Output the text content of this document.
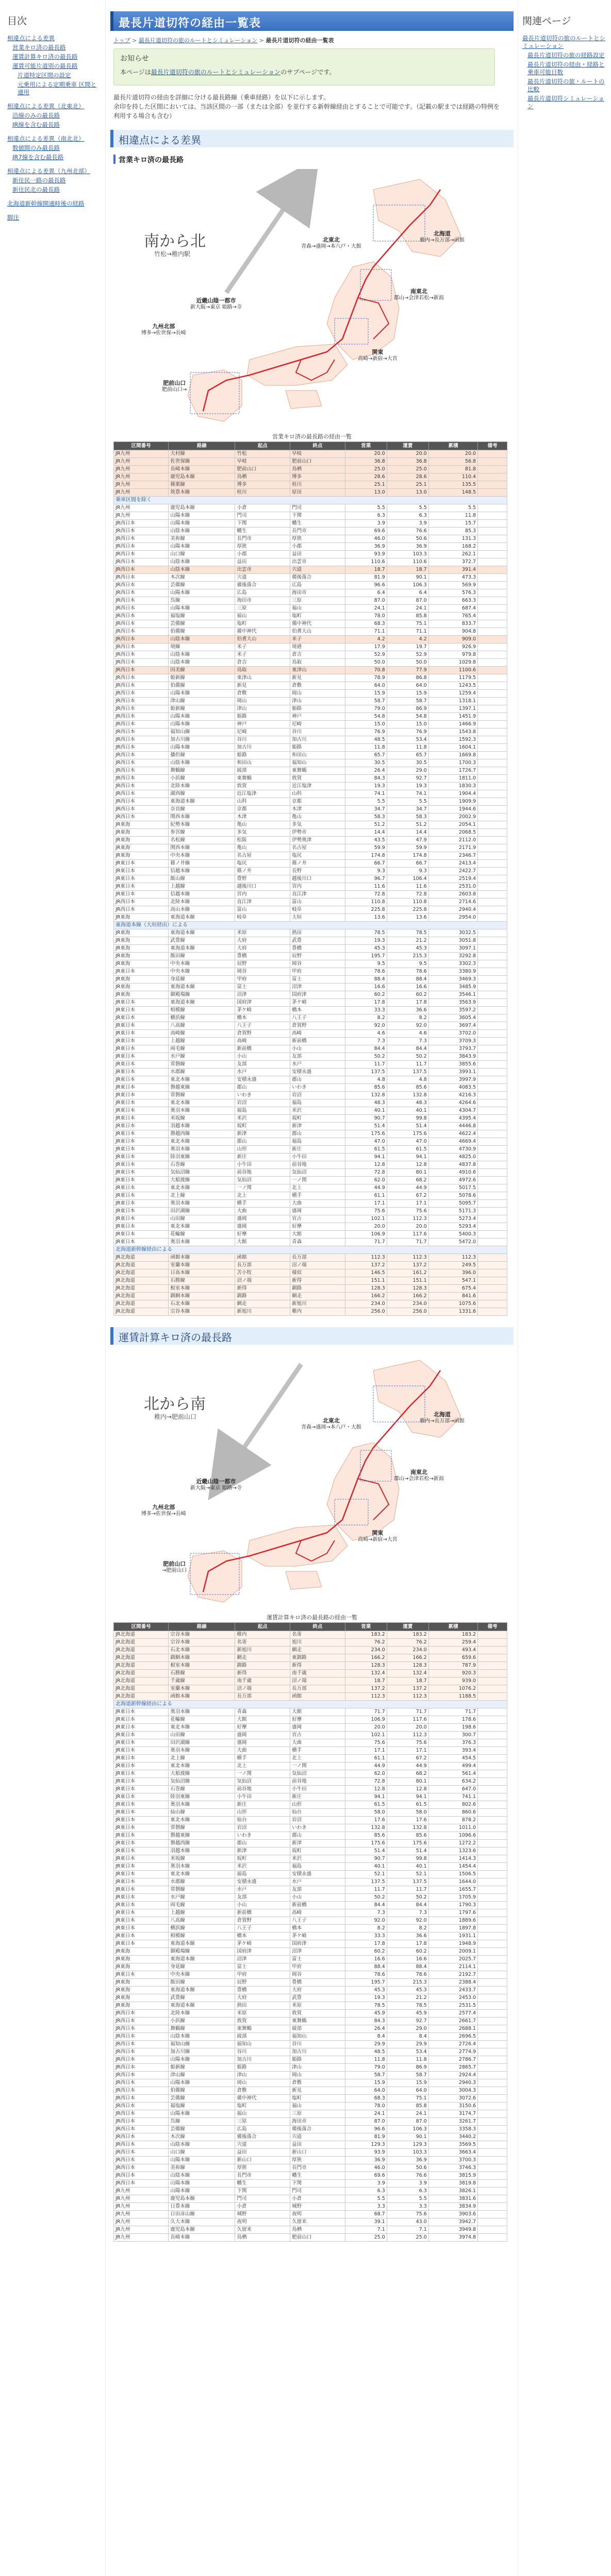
目次
相違点による差異
営業キロ済の最長路
運賃計算キロ済の最長路
運賃可能片道別の最長路
片道特定区間の設定
元乗用による定期乗車 区間と適用
相違点による差異（北東北）
沿線のみの最長路
JR線を含む最長路
相違点による差異（南北北）
数値間のみ最長路
JR7線を含む最長路
相違点による差異（九州北部）
新住民一路の最長路
新住民北の最長路
北海道新幹線開通時後の経路
脚注
関連ページ
最長片道切符の旅のルートとシミュレーション
最長片道切符の旅の経路設定
最長片道切符の経由・経路と乗車可能日数
最長片道切符の旅・ルートの比較
最長片道切符シミュレーション
最長片道切符の経由一覧表
トップ > 最長片道切符の旅のルートとシミュレーション > 最長片道切符の経由一覧表
お知らせ
本ページは最長片道切符の旅のルートとシミュレーションのサブページです。

最長片道切符の経由を詳細に分ける最長路線（乗車経路）を以下に示します。
余印を持した区間においては、当該区間の一部（または全部）を並行する新幹線経由とすることで可能です。（記載の駅までは経路の特例を利用する場合も含む）

相違点による差異
営業キロ済の最長路
南から北
竹松→稚内駅
北海道
稚内→長万部→函館
北東北
青森→盛岡→本八戸・大館
南東北
郡山→会津若松→新潟
関東
高崎→新宿→大宮
近畿山陰一都市
新大阪→東京 姫路→寺
九州北部
博多→佐世保→長崎
肥前山口
肥前山口→
営業キロ済の最長路の経由一覧
区間番号	路線	起点	終点	営業	運賃	累積	備考
JR九州	大村線	竹松	早岐	20.0	20.0	20.0	
JR九州	佐世保線	早岐	肥前山口	36.8	36.8	56.8	
JR九州	長崎本線	肥前山口	鳥栖	25.0	25.0	81.8	
JR九州	鹿児島本線	鳥栖	博多	28.6	28.6	110.4	
JR九州	篠栗線	博多	桂川	25.1	25.1	135.5	
JR九州	筑豊本線	桂川	原田	13.0	13.0	148.5	
乗車区間を除く							
JR九州	鹿児島本線	小倉	門司	5.5	5.5	5.5	
JR九州	山陽本線	門司	下関	6.3	6.3	11.8	
JR西日本	山陽本線	下関	幡生	3.9	3.9	15.7	
JR西日本	山陰本線	幡生	長門市	69.6	76.6	85.3	
JR西日本	美祢線	長門市	厚狭	46.0	50.6	131.3	
JR西日本	山陽本線	厚狭	小郡	36.9	36.9	168.2	
JR西日本	山口線	小郡	益田	93.9	103.3	262.1	
JR西日本	山陰本線	益田	出雲市	110.6	110.6	372.7	
JR西日本	山陰本線	出雲市	宍道	18.7	18.7	391.4	
JR西日本	木次線	宍道	備後落合	81.9	90.1	473.3	
JR西日本	芸備線	備後落合	広島	96.6	106.3	569.9	
JR西日本	山陽本線	広島	海田市	6.4	6.4	576.3	
JR西日本	呉線	海田市	三原	87.0	87.0	663.3	
JR西日本	山陽本線	三原	福山	24.1	24.1	687.4	
JR西日本	福塩線	福山	塩町	78.0	85.8	765.4	
JR西日本	芸備線	塩町	備中神代	68.3	75.1	833.7	
JR西日本	伯備線	備中神代	伯耆大山	71.1	71.1	904.8	
JR西日本	山陰本線	伯耆大山	米子	4.2	4.2	909.0	
JR西日本	境線	米子	境港	17.9	19.7	926.9	
JR西日本	山陰本線	米子	倉吉	52.9	52.9	979.8	
JR西日本	山陰本線	倉吉	鳥取	50.0	50.0	1029.8	
JR西日本	因美線	鳥取	東津山	70.8	77.9	1100.6	
JR西日本	姫新線	東津山	新見	78.9	86.8	1179.5	
JR西日本	伯備線	新見	倉敷	64.0	64.0	1243.5	
JR西日本	山陽本線	倉敷	岡山	15.9	15.9	1259.4	
JR西日本	津山線	岡山	津山	58.7	58.7	1318.1	
JR西日本	姫新線	津山	姫路	79.0	86.9	1397.1	
JR西日本	山陽本線	姫路	神戸	54.8	54.8	1451.9	
JR西日本	山陽本線	神戸	尼崎	15.0	15.0	1466.9	
JR西日本	福知山線	尼崎	谷川	76.9	76.9	1543.8	
JR西日本	加古川線	谷川	加古川	48.5	53.4	1592.3	
JR西日本	山陽本線	加古川	姫路	11.8	11.8	1604.1	
JR西日本	播但線	姫路	和田山	65.7	65.7	1669.8	
JR西日本	山陰本線	和田山	福知山	30.5	30.5	1700.3	
JR西日本	舞鶴線	綾部	東舞鶴	26.4	29.0	1726.7	
JR西日本	小浜線	東舞鶴	敦賀	84.3	92.7	1811.0	
JR西日本	北陸本線	敦賀	近江塩津	19.3	19.3	1830.3	
JR西日本	湖西線	近江塩津	山科	74.1	74.1	1904.4	
JR西日本	東海道本線	山科	京都	5.5	5.5	1909.9	
JR西日本	奈良線	京都	木津	34.7	34.7	1944.6	
JR西日本	関西本線	木津	亀山	58.3	58.3	2002.9	
JR東海	紀勢本線	亀山	多気	51.2	51.2	2054.1	
JR東海	参宮線	多気	伊勢市	14.4	14.4	2068.5	
JR東海	名松線	松阪	伊勢奥津	43.5	47.9	2112.0	
JR東海	関西本線	亀山	名古屋	59.9	59.9	2171.9	
JR東海	中央本線	名古屋	塩尻	174.8	174.8	2346.7	
JR東日本	篠ノ井線	塩尻	篠ノ井	66.7	66.7	2413.4	
JR東日本	信越本線	篠ノ井	長野	9.3	9.3	2422.7	
JR東日本	飯山線	豊野	越後川口	96.7	106.4	2519.4	
JR東日本	上越線	越後川口	宮内	11.6	11.6	2531.0	
JR東日本	信越本線	宮内	直江津	72.8	72.8	2603.8	
JR西日本	北陸本線	直江津	富山	110.8	110.8	2714.6	
JR西日本	高山本線	富山	岐阜	225.8	225.8	2940.4	
JR東海	東海道本線	岐阜	大垣	13.6	13.6	2954.0	
東海道本線（大垣経由）による							
JR東海	東海道本線	米原	熱田	78.5	78.5	3032.5	
JR東海	武豊線	大府	武豊	19.3	21.2	3051.8	
JR東海	東海道本線	大府	豊橋	45.3	45.3	3097.1	
JR東海	飯田線	豊橋	辰野	195.7	215.3	3292.8	
JR東海	中央本線	辰野	岡谷	9.5	9.5	3302.3	
JR東日本	中央本線	岡谷	甲府	78.6	78.6	3380.9	
JR東海	身延線	甲府	富士	88.4	88.4	3469.3	
JR東海	東海道本線	富士	沼津	16.6	16.6	3485.9	
JR東海	御殿場線	沼津	国府津	60.2	60.2	3546.1	
JR東日本	東海道本線	国府津	茅ケ崎	17.8	17.8	3563.9	
JR東日本	相模線	茅ケ崎	橋本	33.3	36.6	3597.2	
JR東日本	横浜線	橋本	八王子	8.2	8.2	3605.4	
JR東日本	八高線	八王子	倉賀野	92.0	92.0	3697.4	
JR東日本	高崎線	倉賀野	高崎	4.6	4.6	3702.0	
JR東日本	上越線	高崎	新前橋	7.3	7.3	3709.3	
JR東日本	両毛線	新前橋	小山	84.4	84.4	3793.7	
JR東日本	水戸線	小山	友部	50.2	50.2	3843.9	
JR東日本	常磐線	友部	水戸	11.7	11.7	3855.6	
JR東日本	水郡線	水戸	安積永盛	137.5	137.5	3993.1	
JR東日本	東北本線	安積永盛	郡山	4.8	4.8	3997.9	
JR東日本	磐越東線	郡山	いわき	85.6	85.6	4083.5	
JR東日本	常磐線	いわき	岩沼	132.8	132.8	4216.3	
JR東日本	東北本線	岩沼	福島	48.3	48.3	4264.6	
JR東日本	奥羽本線	福島	米沢	40.1	40.1	4304.7	
JR東日本	米坂線	米沢	坂町	90.7	99.8	4395.4	
JR東日本	羽越本線	坂町	新津	51.4	51.4	4446.8	
JR東日本	磐越西線	新津	郡山	175.6	175.6	4622.4	
JR東日本	東北本線	郡山	福島	47.0	47.0	4669.4	
JR東日本	奥羽本線	山形	新庄	61.5	61.5	4730.9	
JR東日本	陸羽東線	新庄	小牛田	94.1	94.1	4825.0	
JR東日本	石巻線	小牛田	前谷地	12.8	12.8	4837.8	
JR東日本	気仙沼線	前谷地	気仙沼	72.8	80.1	4910.6	
JR東日本	大船渡線	気仙沼	一ノ関	62.0	68.2	4972.6	
JR東日本	東北本線	一ノ関	北上	44.9	44.9	5017.5	
JR東日本	北上線	北上	横手	61.1	67.2	5078.6	
JR東日本	奥羽本線	横手	大曲	17.1	17.1	5095.7	
JR東日本	田沢湖線	大曲	盛岡	75.6	75.6	5171.3	
JR東日本	山田線	盛岡	宮古	102.1	112.3	5273.4	
JR東日本	東北本線	盛岡	好摩	20.0	20.0	5293.4	
JR東日本	花輪線	好摩	大館	106.9	117.6	5400.3	
JR東日本	奥羽本線	大館	青森	71.7	71.7	5472.0	
北海道新幹線経由による							
JR北海道	函館本線	函館	長万部	112.3	112.3	112.3	
JR北海道	室蘭本線	長万部	沼ノ端	137.2	137.2	249.5	
JR北海道	日高本線	苫小牧	様似	146.5	161.2	396.0	
JR北海道	石勝線	沼ノ端	新得	151.1	151.1	547.1	
JR北海道	根室本線	新得	釧路	128.3	128.3	675.4	
JR北海道	釧網本線	釧路	網走	166.2	166.2	841.6	
JR北海道	石北本線	網走	新旭川	234.0	234.0	1075.6	
JR北海道	宗谷本線	新旭川	稚内	256.0	256.0	1331.6	
運賃計算キロ済の最長路
北から南
稚内→肥前山口	北海道
稚内→長万部→函館
北東北
青森→盛岡→本八戸・大館
南東北
郡山→会津若松→新潟
関東
高崎→新宿→大宮
近畿山陰一都市
新大阪→東京 姫路→寺
九州北部
博多→佐世保→長崎
肥前山口
→肥前山口
運賃計算キロ済の最長路の経由一覧
区間番号	路線	起点	終点	営業	運賃	累積	備考
JR北海道	宗谷本線	稚内	名寄	183.2	183.2	183.2	
JR北海道	宗谷本線	名寄	旭川	76.2	76.2	259.4	
JR北海道	石北本線	新旭川	網走	234.0	234.0	493.4	
JR北海道	釧網本線	網走	東釧路	166.2	166.2	659.6	
JR北海道	根室本線	釧路	新得	128.3	128.3	787.9	
JR北海道	石勝線	新得	南千歳	132.4	132.4	920.3	
JR北海道	千歳線	南千歳	沼ノ端	18.7	18.7	939.0	
JR北海道	室蘭本線	沼ノ端	長万部	137.2	137.2	1076.2	
JR北海道	函館本線	長万部	函館	112.3	112.3	1188.5	
北海道新幹線経由による							
JR東日本	奥羽本線	青森	大館	71.7	71.7	71.7	
JR東日本	花輪線	大館	好摩	106.9	117.6	178.6	
JR東日本	東北本線	好摩	盛岡	20.0	20.0	198.6	
JR東日本	山田線	盛岡	宮古	102.1	112.3	300.7	
JR東日本	田沢湖線	盛岡	大曲	75.6	75.6	376.3	
JR東日本	奥羽本線	大曲	横手	17.1	17.1	393.4	
JR東日本	北上線	横手	北上	61.1	67.2	454.5	
JR東日本	東北本線	北上	一ノ関	44.9	44.9	499.4	
JR東日本	大船渡線	一ノ関	気仙沼	62.0	68.2	561.4	
JR東日本	気仙沼線	気仙沼	前谷地	72.8	80.1	634.2	
JR東日本	石巻線	前谷地	小牛田	12.8	12.8	647.0	
JR東日本	陸羽東線	小牛田	新庄	94.1	94.1	741.1	
JR東日本	奥羽本線	新庄	山形	61.5	61.5	802.6	
JR東日本	仙山線	山形	仙台	58.0	58.0	860.6	
JR東日本	東北本線	仙台	岩沼	17.6	17.6	878.2	
JR東日本	常磐線	岩沼	いわき	132.8	132.8	1011.0	
JR東日本	磐越東線	いわき	郡山	85.6	85.6	1096.6	
JR東日本	磐越西線	郡山	新津	175.6	175.6	1272.2	
JR東日本	羽越本線	新津	坂町	51.4	51.4	1323.6	
JR東日本	米坂線	坂町	米沢	90.7	99.8	1414.3	
JR東日本	奥羽本線	米沢	福島	40.1	40.1	1454.4	
JR東日本	東北本線	福島	安積永盛	52.1	52.1	1506.5	
JR東日本	水郡線	安積永盛	水戸	137.5	137.5	1644.0	
JR東日本	常磐線	水戸	友部	11.7	11.7	1655.7	
JR東日本	水戸線	友部	小山	50.2	50.2	1705.9	
JR東日本	両毛線	小山	新前橋	84.4	84.4	1790.3	
JR東日本	上越線	新前橋	高崎	7.3	7.3	1797.6	
JR東日本	八高線	倉賀野	八王子	92.0	92.0	1889.6	
JR東日本	横浜線	八王子	橋本	8.2	8.2	1897.8	
JR東日本	相模線	橋本	茅ケ崎	33.3	36.6	1931.1	
JR東日本	東海道本線	茅ケ崎	国府津	17.8	17.8	1948.9	
JR東海	御殿場線	国府津	沼津	60.2	60.2	2009.1	
JR東海	東海道本線	沼津	富士	16.6	16.6	2025.7	
JR東海	身延線	富士	甲府	88.4	88.4	2114.1	
JR東日本	中央本線	甲府	岡谷	78.6	78.6	2192.7	
JR東海	飯田線	辰野	豊橋	195.7	215.3	2388.4	
JR東海	東海道本線	豊橋	大府	45.3	45.3	2433.7	
JR東海	武豊線	大府	武豊	19.3	21.2	2453.0	
JR東海	東海道本線	熱田	米原	78.5	78.5	2531.5	
JR西日本	北陸本線	米原	敦賀	45.9	45.9	2577.4	
JR西日本	小浜線	敦賀	東舞鶴	84.3	92.7	2661.7	
JR西日本	舞鶴線	東舞鶴	綾部	26.4	29.0	2688.1	
JR西日本	山陰本線	綾部	福知山	8.4	8.4	2696.5	
JR西日本	福知山線	福知山	谷川	29.9	29.9	2726.4	
JR西日本	加古川線	谷川	加古川	48.5	53.4	2774.9	
JR西日本	山陽本線	加古川	姫路	11.8	11.8	2786.7	
JR西日本	姫新線	姫路	津山	79.0	86.9	2865.7	
JR西日本	津山線	津山	岡山	58.7	58.7	2924.4	
JR西日本	山陽本線	岡山	倉敷	15.9	15.9	2940.3	
JR西日本	伯備線	倉敷	新見	64.0	64.0	3004.3	
JR西日本	芸備線	備中神代	塩町	68.3	75.1	3072.6	
JR西日本	福塩線	塩町	福山	78.0	85.8	3150.6	
JR西日本	山陽本線	福山	三原	24.1	24.1	3174.7	
JR西日本	呉線	三原	海田市	87.0	87.0	3261.7	
JR西日本	芸備線	広島	備後落合	96.6	106.3	3358.3	
JR西日本	木次線	備後落合	宍道	81.9	90.1	3440.2	
JR西日本	山陰本線	宍道	益田	129.3	129.3	3569.5	
JR西日本	山口線	益田	新山口	93.9	103.3	3663.4	
JR西日本	山陽本線	新山口	厚狭	36.9	36.9	3700.3	
JR西日本	美祢線	厚狭	長門市	46.0	50.6	3746.3	
JR西日本	山陰本線	長門市	幡生	69.6	76.6	3815.9	
JR西日本	山陽本線	幡生	下関	3.9	3.9	3819.8	
JR九州	山陽本線	下関	門司	6.3	6.3	3826.1	
JR九州	鹿児島本線	門司	小倉	5.5	5.5	3831.6	
JR九州	日豊本線	小倉	城野	3.3	3.3	3834.9	
JR九州	日田彦山線	城野	夜明	68.7	75.6	3903.6	
JR九州	久大本線	夜明	久留米	39.1	43.0	3942.7	
JR九州	鹿児島本線	久留米	鳥栖	7.1	7.1	3949.8	
JR九州	長崎本線	鳥栖	肥前山口	25.0	25.0	3974.8	
